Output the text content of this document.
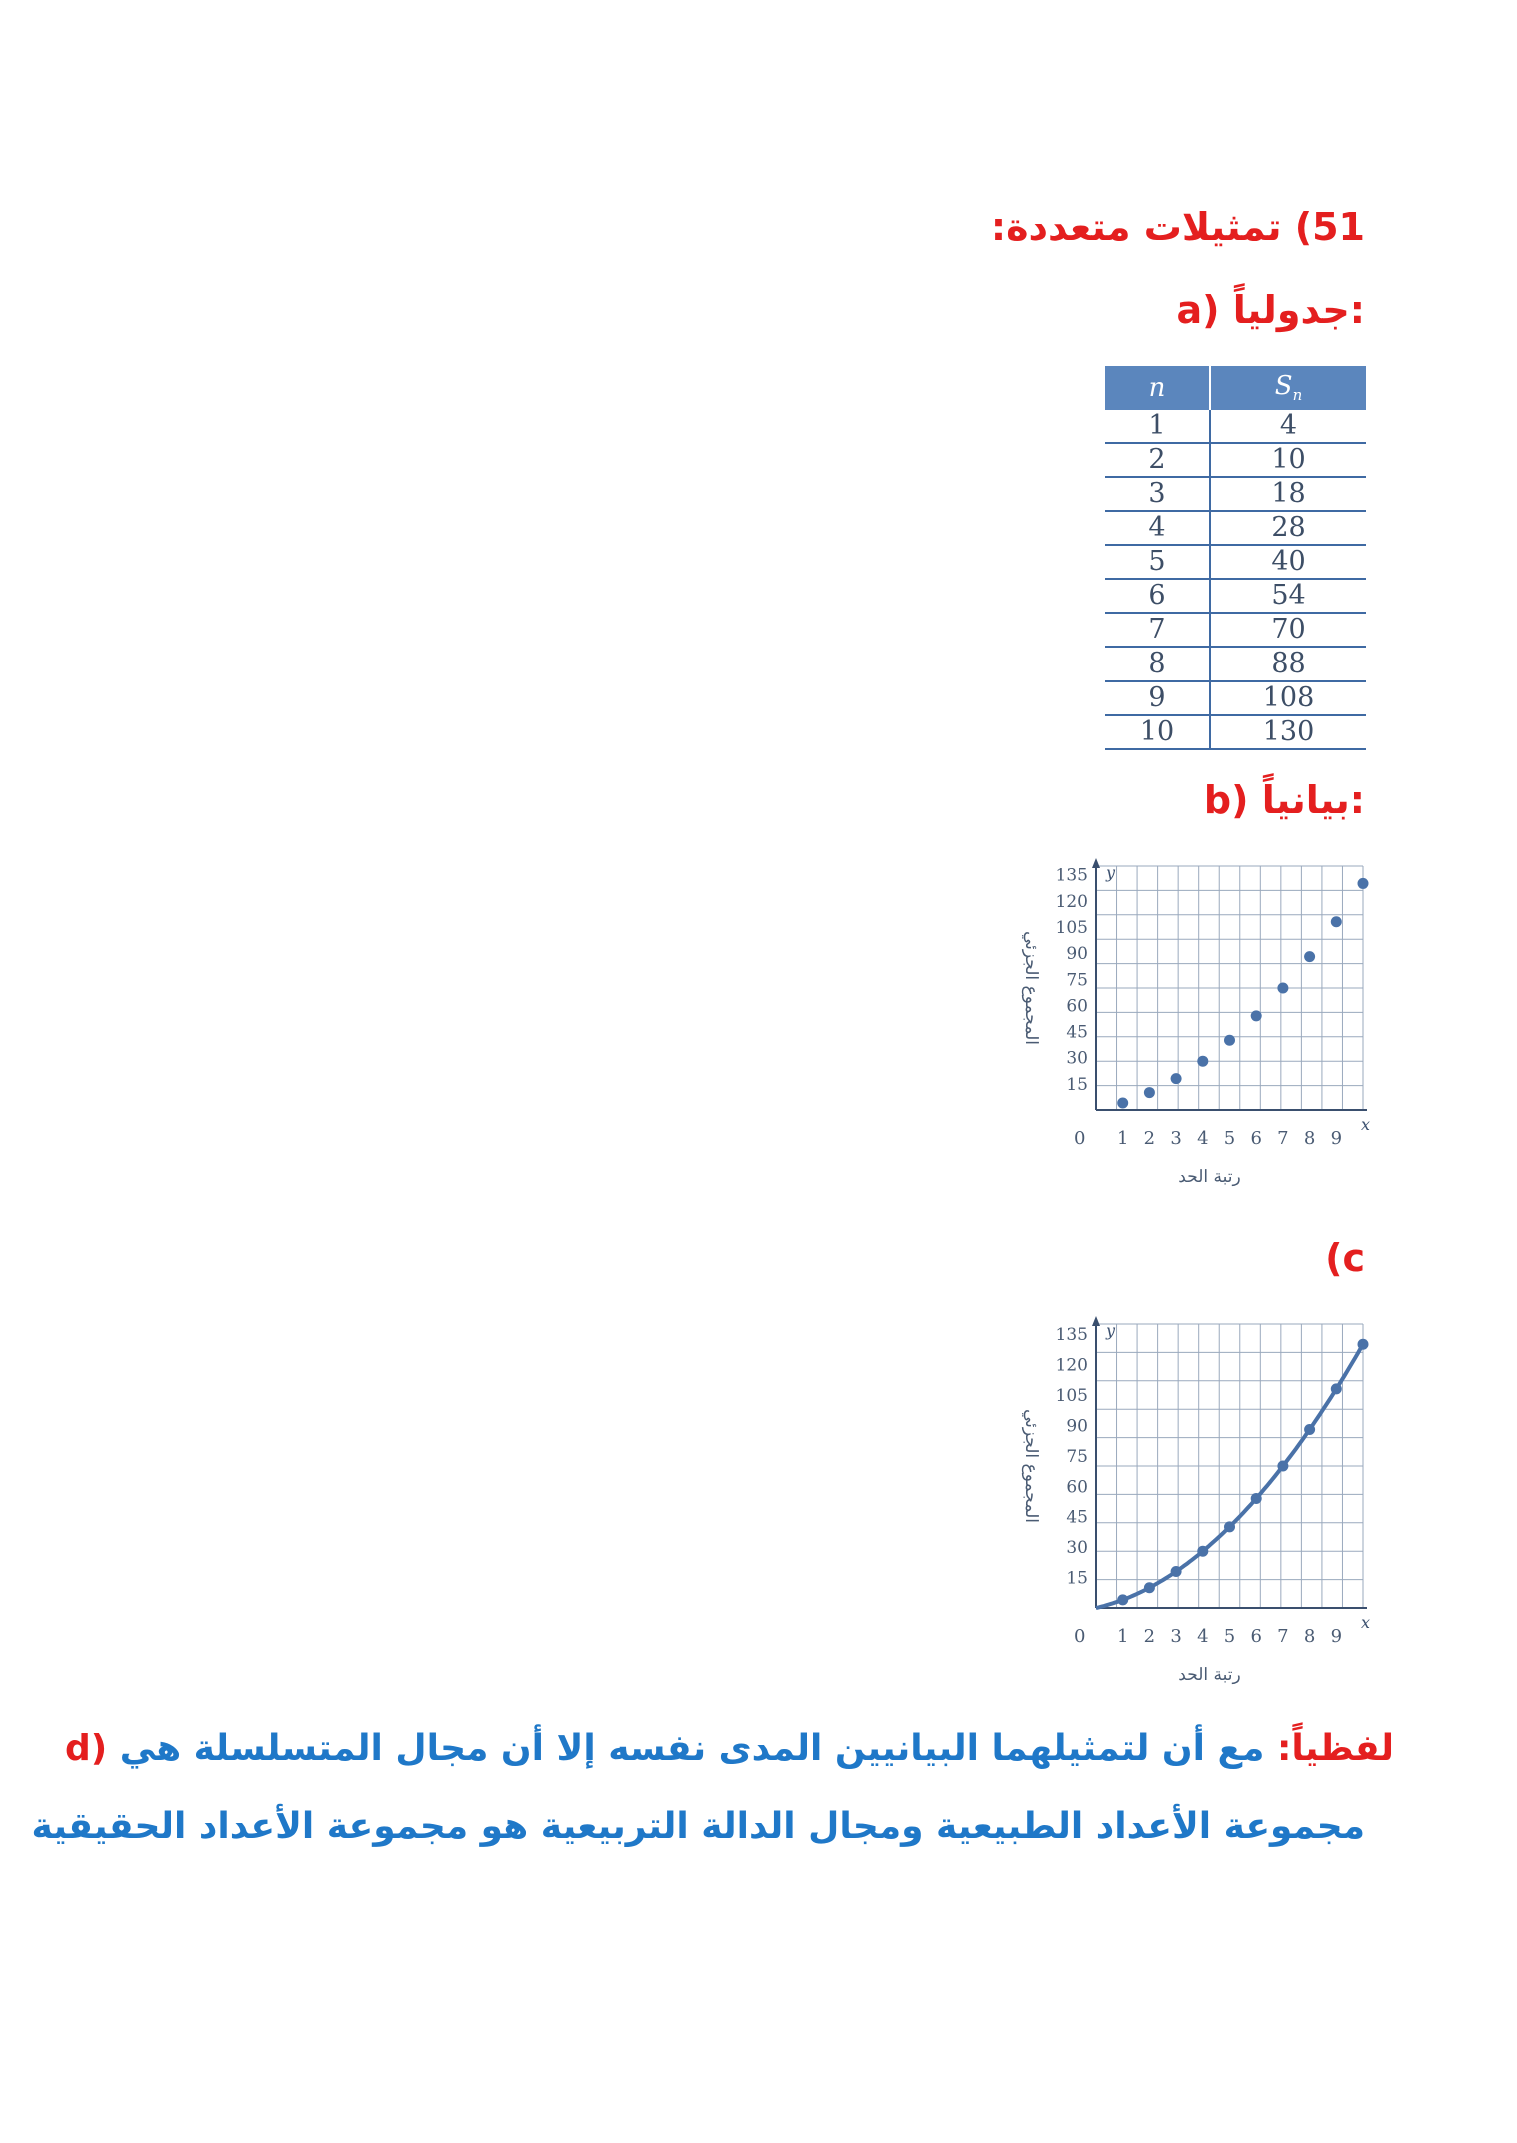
51) تمثيلات متعددة:
a) جدولياً:
n	$S_n$
1	4
2	10
3	18
4	28
5	40
6	54
7	70
8	88
9	108
10	130
b) بيانياً:
y
x
0
15
30
45
60
75
90
105
120
135
1 2 3 4 5 6 7 8 9
رتبة الحد
المجموع الجزئي
(c
y
x
0
15
30
45
60
75
90
105
120
135
1 2 3 4 5 6 7 8 9
رتبة الحد
المجموع الجزئي
d) لفظياً: مع أن لتمثيلهما البيانيين المدى نفسه إلا أن مجال المتسلسلة هي
مجموعة الأعداد الطبيعية ومجال الدالة التربيعية هو مجموعة الأعداد الحقيقية
